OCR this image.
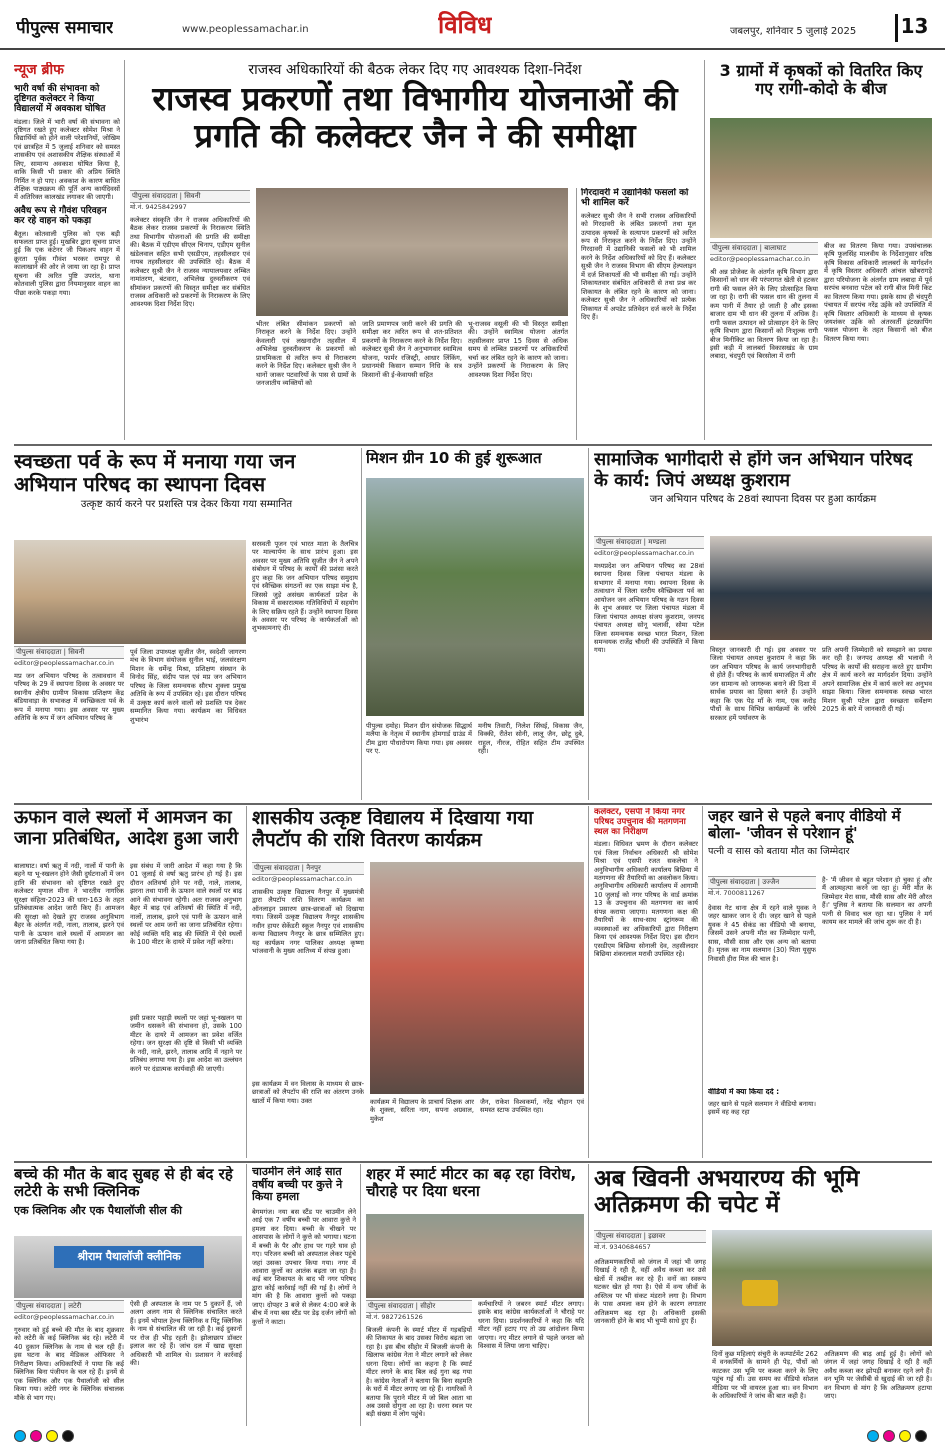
पीपुल्स समाचार	www.peoplessamachar.in	विविध	जबलपुर, शनिवार 5 जुलाई 2025 13
न्यूज ब्रीफ
भारी वर्षा की संभावना को दृष्टिगत कलेक्टर ने किया विद्यालयों में अवकाश घोषित
मंडला। जिले में भारी वर्षा की संभावना को दृष्टिगत रखते हुए कलेक्टर सोमेश मिश्रा ने विद्यार्थियों को होने वाली परेशानियों, जोखिम एवं छात्रहित में 5 जुलाई शनिवार को समस्त शासकीय एवं अशासकीय शैक्षिक संस्थाओं में लिए, सामान्य अवकाश घोषित किया है, वाकि किसी भी प्रकार की अप्रिय स्थिति निर्मित न हो पाए। अवकाश के कारण बाधित शैक्षिक पाठ्यक्रम की पूर्ति अन्य कार्यदिवसों में अतिरिक्त कालखंड लगाकर की जाएगी।
अवैध रूप से गौवंश परिवहन कर रहे वाहन को पकड़ा
बैतूल। कोतवाली पुलिस को एक बड़ी सफलता प्राप्त हुई। मुखबिर द्वारा सूचना प्राप्त हुई कि एक कंटेनर जी पिकअप वाहन में क्रूरता पूर्वक गौवंश भरकर रामपुर से कालाखाने की ओर ले जाया जा रहा है। प्राप्त सूचना की त्वरित पुष्टि उपरांत, थाना कोतवाली पुलिस द्वारा नियमानुसार वाहन का पीछा करके पकड़ा गया।
राजस्व अधिकारियों की बैठक लेकर दिए गए आवश्यक दिशा-निर्देश
राजस्व प्रकरणों तथा विभागीय योजनाओं की प्रगति की कलेक्टर जैन ने की समीक्षा
पीपुल्स संवाददाता | सिवनी
मो.नं. 9425842997
कलेक्टर संस्कृति जैन ने राजस्व अधिकारियों की बैठक लेकर राजस्व प्रकरणों के निराकरण स्थिति तथा विभागीय योजनाओं की प्रगति की समीक्षा की। बैठक में एडीएम सीएल चिनाप, एडीएम सुनील खंडेलवाल सहित सभी एसडीएम, तहसीलदार एवं नायब तहसीलदार की उपस्थिति रहे। बैठक में कलेक्टर सुश्री जैन ने राजस्व न्यायालयवार लम्बित नामांतरण, बंटवारा, अभिलेख दुरुस्तीकरण एवं सीमांकन प्रकरणों की विस्तृत समीक्षा कर संबंधित राजस्व अधिकारी को प्रकरणों के निराकरण के लिए आवश्यक दिशा निर्देश दिए।
भीतर लंबित सीमांकन प्रकरणों को निराकृत करने के निर्देश दिए। उन्होंने केवलारी एवं लखनादौन तहसील में अभिलेख दुरुस्तीकरण के प्रकरणों को प्राथमिकता से त्वरित रूप से निराकरण करने के निर्देश दिए। कलेक्टर सुश्री जैन ने थानों जाकर पटवारियों के पास से ग्रामों के जनजातीय व्यक्तियों को
जाति प्रमाणपत्र जारी करने की प्रगति की समीक्षा कर त्वरित रूप से शत-प्रतिशत प्रकरणों के निराकरण करने के निर्देश दिए। कलेक्टर सुश्री जैन ने अनुभागवार स्वामित्व योजना, फार्मर रजिस्ट्री, आधार लिंकिंग, प्रधानमंत्री किसान सम्मान निधि के सत्र किसानों की ई-केवायसी सहित
भू-राजस्व वसूली की भी विस्तृत समीक्षा की। उन्होंने स्वामित्व योजना अंतर्गत तहसीलवार प्राप्त 15 दिवस से अधिक समय से लम्बित प्रकरणों पर अधिकारियों चर्चा कर लंबित रहने के कारण को जाना। उन्होंने प्रकरणों के निराकरण के लिए आवश्यक दिशा निर्देश दिए।
गिरदावरी में उद्यानिकी फसलों को भी शामिल करें
कलेक्टर सुश्री जैन ने सभी राजस्व अधिकारियों को गिरदावरी के लंबित प्रकरणों तथा मूल उत्पादक कृषकों के सत्यापन प्रकरणों को त्वरित रूप से निराकृत करने के निर्देश दिए। उन्होंने गिरदावरी में उद्यानिकी फसलों को भी शामिल करने के निर्देश अधिकारियों को दिए हैं। कलेक्टर सुश्री जैन ने राजस्व विभाग की सीएम हेल्पलाइन में दर्ज शिकायतों की भी समीक्षा की गई। उन्होंने शिकायतवार संबंधित अधिकारी से तथा प्रश्न कर शिकायत के लंबित रहने के कारण को जाना। कलेक्टर सुश्री जैन ने अधिकारियों को प्रत्येक शिकायत में अपडेट प्रतिवेदन दर्ज करने के निर्देश दिए हैं।
3 ग्रामों में कृषकों को वितरित किए गए रागी-कोदो के बीज
पीपुल्स संवाददाता | बालाघाट
editor@peoplessamachar.co.in
श्री अन्न प्रोजेक्ट के अंतर्गत कृषि विभाग द्वारा किसानों को धान की परंपरागत खेती से हटकर रागी की फसल लेने के लिए प्रोत्साहित किया जा रहा है। रागी की फसल धान की तुलना में कम पानी में तैयार हो जाती है और इसका बाजार दाम भी धान की तुलना में अधिक है। रागी फसल उत्पादन को प्रोत्साहन देने के लिए कृषि विभाग द्वारा किसानों को निःशुल्क रागी बीज मिनीकिट का वितरण किया जा रहा है। इसी कड़ी में लालबर्रा विकासखंड के ग्राम लबादा, चंदपुरी एवं बिरसोला में रागी
बीज का वितरण किया गया। उपसंचालक कृषि फूलसिंह मालवीय के निर्देशानुसार वरिष्ठ कृषि विकास अधिकारी लालबर्रा के मार्गदर्शन में कृषि विस्तार अधिकारी आंचल खोबरागड़े द्वारा परियोजना के अंतर्गत ग्राम लबादा में पूर्व सरपंच बनवारा पटेल को रागी बीज मिनी किट का वितरण किया गया। इसके साथ ही चंदपुरी पंचायत में सरपंच नरेंद्र उईके को उपस्थिति में कृषि विस्तार अधिकारी के माध्यम से कृषक जयशंकर उईके को अंतरवर्ती इंटरक्रापिंग फसल योजना के तहत किसानों को बीज वितरण किया गया।
स्वच्छता पर्व के रूप में मनाया गया जन अभियान परिषद का स्थापना दिवस
उत्कृष्ट कार्य करने पर प्रशस्ति पत्र देकर किया गया सम्मानित
पीपुल्स संवाददाता | सिवनी
editor@peoplessamachar.co.in
मप्र जन अभियान परिषद के तत्वावधान में परिषद के 29 वें स्थापना दिवस के अवसर पर स्थानीय क्षेत्रीय ग्रामीण विकास प्रशिक्षण केंद्र बंडियावाड़ा के सभाकक्ष में स्वच्छिकता पर्व के रूप में मनाया गया। इस अवसर पर मुख्य अतिथि के रूप में जन अभियान परिषद के
पूर्व जिला उपाध्यक्ष सुजीत जैन, स्वदेशी जागरण मंच के विभाग संयोजक सुनील भाई, जलसंरक्षण मिशन के धर्मेन्द्र मिश्रा, प्रशिक्षण संस्थान के विनोद सिंह, संदीप पाल एवं मप्र जन अभियान परिषद के जिला समन्वयक सौरभ शुक्ला प्रमुख अतिथि के रूप में उपस्थित रहे। इस दौरान परिषद में उत्कृष्ट कार्य करने वालों को प्रशस्ति पत्र देकर सम्मानित किया गया। कार्यक्रम का विधिवत शुभारंभ
सरस्वती पूजन एवं भारत माता के तैलचित्र पर माल्यार्पण के साथ प्रारंभ हुआ। इस अवसर पर मुख्य अतिथि सुजीत जैन ने अपने संबोधन में परिषद के कार्यों की प्रशंसा करते हुए कहा कि जन अभियान परिषद समुदाय एवं स्वैच्छिक संगठनों का एक साझा मंच है, जिससे जुड़े असंख्य कार्यकर्ता प्रदेश के विकास में सकारात्मक गतिविधियों में सहयोग के लिए सक्रिय रहते हैं। उन्होंने स्थापना दिवस के अवसर पर परिषद के कार्यकर्ताओं को शुभकामनाएं दी।
मिशन ग्रीन 10 की हुई शुरूआत
पीपुल्स दमोह। मिशन ग्रीन संयोजक सिद्धार्थ मलैया के नेतृत्व में स्थानीय होमगार्ड ग्राउंड में टीम द्वारा पौधारोपण किया गया। इस अवसर पर ए.
मनीष तिवारी, निलेश सिंघई, विकास जैन, विक्की, रीतेश सोनी, लालू जैन, छोटू दुबे, राहुल, नीरज, रोहित सहित टीम उपस्थित रही।
सामाजिक भागीदारी से होंगे जन अभियान परिषद के कार्य: जिपं अध्यक्ष कुशराम
जन अभियान परिषद के 28वां स्थापना दिवस पर हुआ कार्यक्रम
पीपुल्स संवाददाता | मण्डला
editor@peoplessamachar.co.in
मध्यप्रदेश जन अभियान परिषद का 28वां स्थापना दिवस जिला पंचायत मंडला के सभागार में मनाया गया। स्थापना दिवस के तत्वाधान में जिला स्तरीय स्वैच्छिकता पर्व का आयोजन जन अभियान परिषद के गठन दिवस के शुभ अवसर पर जिला पंचायत मंडला में जिला पंचायत अध्यक्ष संजय कुशराम, जनपद पंचायत अध्यक्ष सोनू भलावी, सोमा पटेल जिला समन्वयक स्वच्छ भारत मिशन, जिला समन्वयक राजेंद्र चौधरी की उपस्थिति में किया गया।	विस्तृत जानकारी दी गई। इस अवसर पर जिला पंचायत अध्यक्ष कुशराम ने कहा कि जन अभियान परिषद के कार्य जनभागीदारी से होते हैं। परिषद के कार्य समाजहित में और जन सामान्य को जागरूक बनाने की दिशा में सार्थक प्रयास का हिस्सा बनते हैं। उन्होंने कहा कि एक पेड़ माँ के नाम, एक करोड़ पौधों के साथ विभिन्न कार्यक्रमों के जरिये सरकार हमें पर्यावरण के
प्रति अपनी जिम्मेदारी को समझाने का प्रयास कर रही है। जनपद अध्यक्ष श्री भलावी ने परिषद के कार्यों की सराहना करते हुए ग्रामीण क्षेत्र में कार्य करने का मार्गदर्शन दिया। उन्होंने अपने सामाजिक क्षेत्र में कार्य करने का अनुभव साझा किया। जिला समन्वयक स्वच्छ भारत मिशन सुश्री पटेल द्वारा स्वच्छता सर्वेक्षण 2025 के बारे में जानकारी दी गई।
ऊफान वाले स्थलों में आमजन का जाना प्रतिबंधित, आदेश हुआ जारी
बालाघाट। वर्षा ऋतु में नदी, नालों में पानी के बहने या भू-स्खलन होने जैसी दुर्घटनाओं में जन हानि की संभावना को दृष्टिगत रखते हुए कलेक्टर मृणाल मीना ने भारतीय नागरिक सुरक्षा संहिता-2023 की धारा-163 के तहत प्रतिबंधात्मक आदेश जारी किए हैं। आमजन की सुरक्षा को देखते हुए राजस्व अनुविभाग बैहर के अंतर्गत नदी, नाला, तालाब, झरने एवं पानी के ऊफान वाले स्थलों में आमजन का जाना प्रतिबंधित किया गया है।
इस संबंध में जारी आदेश में कहा गया है कि 01 जुलाई से वर्षा ऋतु प्रारंभ हो गई है। इस दौरान अतिवर्षा होने पर नदी, नाले, तालाब, झरना तथा पानी के ऊफान वाले स्थलों पर बाढ़ आने की संभावना रहेगी। अतः राजस्व अनुभाग बैहर में बाढ़ एवं अतिवर्षा की स्थिति में नदी, नालों, तालाब, झरने एवं पानी के ऊफान वाले स्थलों पर आम जनों का जाना प्रतिबंधित रहेगा। कोई व्यक्ति यदि बाढ़ की स्थिति में ऐसे स्थलों के 100 मीटर के दायरे में प्रवेश नहीं करेगा।
इसी प्रकार पहाड़ी स्थलों पर जहां भू-स्खलन या जमीन धसकने की संभावना हो, उसके 100 मीटर के दायरे में आमजन का प्रवेश वर्जित रहेगा। जन सुरक्षा की दृष्टि से किसी भी व्यक्ति के नदी, नाले, झरने, तालाब आदि में नहाने पर प्रतिबंध लगाया गया है। इस आदेश का उल्लंघन करने पर दंडात्मक कार्यवाही की जाएगी।
शासकीय उत्कृष्ट विद्यालय में दिखाया गया लैपटॉप की राशि वितरण कार्यक्रम
पीपुल्स संवाददाता | नैनपुर
editor@peoplessamachar.co.in
शासकीय उत्कृष्ट विद्यालय नैनपुर में मुख्यमंत्री द्वारा लैपटॉप राशि वितरण कार्यक्रम का ऑनलाइन प्रसारण छात्र-छात्राओं को दिखाया गया। जिसमें उत्कृष्ट विद्यालय नैनपुर शासकीय नवीन हायर सेकेंडरी स्कूल नैनपुर एवं शासकीय कन्या विद्यालय नैनपुर के छात्र सम्मिलित हुए। यह कार्यक्रम नगर पालिका अध्यक्ष कृष्णा भांजवानी के मुख्य आतिथ्य में संपन्न हुआ।
इस कार्यक्रम में वन विलास के माध्यम से छात्र-छात्राओं को लैपटॉप की राशि का अंतरण उनके खातों में किया गया। उक्त	कार्यक्रम में विद्यालय के प्राचार्य शिक्षक आर के शुक्ला, सरिता नाग, सपना अग्रवाल, मुकेश
जैन, राकेश विश्वकर्मा, नरेंद्र चौहान एवं समस्त स्टाफ उपस्थित रहा।
कलेक्टर, एसपी ने किया नगर परिषद उपचुनाव की मतगणना स्थल का निरीक्षण
मंडला। विधिवत भ्रमण के दौरान कलेक्टर एवं जिला निर्वाचन अधिकारी श्री सोमेश मिश्रा एवं एसपी रजत सकलेचा ने अनुविभागीय अधिकारी कार्यालय बिछिया में मतगणना की तैयारियों का अवलोकन किया। अनुविभागीय अधिकारी कार्यालय में आगामी 10 जुलाई को नगर परिषद के वार्ड क्रमांक 13 के उपचुनाव की मतगणना का कार्य संपन्न कराया जाएगा। मतगणना कक्ष की तैयारियों के साथ-साथ स्ट्रांगरूम की व्यवस्थाओं का अधिकारियों द्वारा निरीक्षण किया एवं आवश्यक निर्देश दिए। इस दौरान एसडीएम बिछिया सोनाली देव, तहसीलदार बिछिया शंकरलाल मरावी उपस्थित रहे।
जहर खाने से पहले बनाए वीडियो में बोला- 'जीवन से परेशान हूं'
पत्नी व सास को बताया मौत का जिम्मेदार
पीपुल्स संवाददाता | उज्जैन
मो.नं. 7000811267
देवास गेट थाना क्षेत्र में रहने वाले युवक ने जहर खाकर जान दे दी। जहर खाने से पहले युवक ने 45 सेकंड का वीडियो भी बनाया, जिसमें उसने अपनी मौत का जिम्मेदार पत्नी, सास, मौसी सास और एक अन्य को बताया है। मृतक का नाम सलमान (30) पिता यूसुफ निवासी हीरा मिल की चाल है।
वीडियो में क्या किया दर्द :
जहर खाने से पहले सलमान ने वीडियो बनाया। इसमें वह कह रहा
है- 'मैं जीवन से बहुत परेशान हो चुका हूं और मैं आत्महत्या करने जा रहा हूं। मेरी मौत के जिम्मेदार मेरा सास, मौसी सास और मेरी औरत हैं।' पुलिस ने बताया कि सलमान का अपनी पत्नी से विवाद चल रहा था। पुलिस ने मर्ग कायम कर मामले की जांच शुरू कर दी है।
बच्चे की मौत के बाद सुबह से ही बंद रहे लटेरी के सभी क्लिनिक
एक क्लिनिक और एक पैथालॉजी सील की
श्रीराम पैथालॉजी क्लीनिक
पीपुल्स संवाददाता | लटेरी
editor@peoplessamachar.co.in
गुरुवार को हुई बच्चे की मौत के बाद शुक्रवार को लटेरी के कई क्लिनिक बंद रहे। लटेरी में 40 दुकान क्लिनिक के नाम से चल रही हैं। इस घटना के बाद मेडिकल ऑफिसर ने निरीक्षण किया। अधिकारियों ने पाया कि कई क्लिनिक बिना पंजीयन के चल रहे हैं। इनमें से एक क्लिनिक और एक पैथालॉजी को सील किया गया। लटेरी नगर के क्लिनिक संचालक मौके से भाग गए।
ऐसी ही अस्पताल के नाम पर 5 दुकानें हैं, जो अलग अलग नाम से क्लिनिक संचालित करते हैं। इनमें भोपाल हेल्थ क्लिनिक व पिंटू क्लिनिक के नाम से संचालित की जा रही है। कई दुकानों पर रोज ही भीड़ रहती है। झोलाछाप डॉक्टर इलाज कर रहे हैं। जांच दल में खाद्य सुरक्षा अधिकारी भी शामिल थे। प्रशासन ने कार्रवाई की।
चाउमीन लेने आई सात वर्षीय बच्ची पर कुत्ते ने किया हमला
बेगमगंज। नया बस स्टैंड पर चाउमीन लेने आई एक 7 वर्षीय बच्ची पर आवारा कुत्ते ने हमला कर दिया। बच्ची के चीखने पर आसपास के लोगों ने कुत्ते को भगाया। घटना में बच्ची के पैर और हाथ पर गहरे घाव हो गए। परिजन बच्ची को अस्पताल लेकर पहुंचे जहां उसका उपचार किया गया। नगर में आवारा कुत्तों का आतंक बढ़ता जा रहा है। कई बार शिकायत के बाद भी नगर परिषद द्वारा कोई कार्रवाई नहीं की गई है। लोगों ने मांग की है कि आवारा कुत्तों को पकड़ा जाए। दोपहर 3 बजे से लेकर 4:00 बजे के बीच में नया बस स्टैंड पर डेढ़ दर्जन लोगों को कुत्तों ने काटा।
शहर में स्मार्ट मीटर का बढ़ रहा विरोध, चौराहे पर दिया धरना
पीपुल्स संवाददाता | सीहोर
मो.नं. 9827261526
बिजली कंपनी के स्मार्ट मीटर में गड़बड़ियों की शिकायत के बाद उसका विरोध बढ़ता जा रहा है। इस बीच सीहोर में बिजली कंपनी के खिलाफ कांग्रेस नेता ने मीटर लगाने को लेकर धरना दिया। लोगों का कहना है कि स्मार्ट मीटर लगने के बाद बिल कई गुना बढ़ गया है। कांग्रेस नेताओं ने बताया कि बिना सहमति के घरों में मीटर लगाए जा रहे हैं। नागरिकों ने बताया कि पुराने मीटर में जो बिल आता था अब उससे दोगुना आ रहा है। धरना स्थल पर बड़ी संख्या में लोग पहुंचे।
कर्मचारियों ने जबरन स्मार्ट मीटर लगाए। इसके बाद कांग्रेस कार्यकर्ताओं ने चौराहे पर धरना दिया। प्रदर्शनकारियों ने कहा कि यदि मीटर नहीं हटाए गए तो उग्र आंदोलन किया जाएगा। नए मीटर लगाने से पहले जनता को विश्वास में लिया जाना चाहिए।
अब खिवनी अभयारण्य की भूमि अतिक्रमण की चपेट में
पीपुल्स संवाददाता | इछावर
मो.नं. 9340684657
अतिक्रमणकारियों को जंगल में जहां भी जगह दिखाई दे रही है, वहीं अवैध कब्जा कर उसे खेतों में तब्दील कर रहे हैं। वनों का स्वरूप घटकर खेत हो गया है। ऐसे में वन्य जीवों के अस्तित्व पर भी संकट मंडराने लगा है। विभाग के पास अमला कम होने के कारण लगातार अतिक्रमण बढ़ रहा है। अधिकारी इसकी जानकारी होने के बाद भी चुप्पी साधे हुए हैं।
दिनों कुछ महिलाएं संचुरी के कम्पार्टमेंट 262 में वनकर्मियों के सामने ही पेड़, पौधों को काटकर उस भूमि पर कब्जा करने के लिए पहुंच गई थीं। उस समय का वीडियो सोशल मीडिया पर भी वायरल हुआ था। वन विभाग के अधिकारियों ने जांच की बात कही है।
अतिक्रमण की बाढ़ आई हुई है। लोगों को जंगल में जहां जगह दिखाई दे रही है वहीं अवैध कब्जा कर झोपड़ी बनाकर रहने लगे हैं। वन भूमि पर जेसीबी से खुदाई की जा रही है। वन विभाग से मांग है कि अतिक्रमण हटाया जाए।
